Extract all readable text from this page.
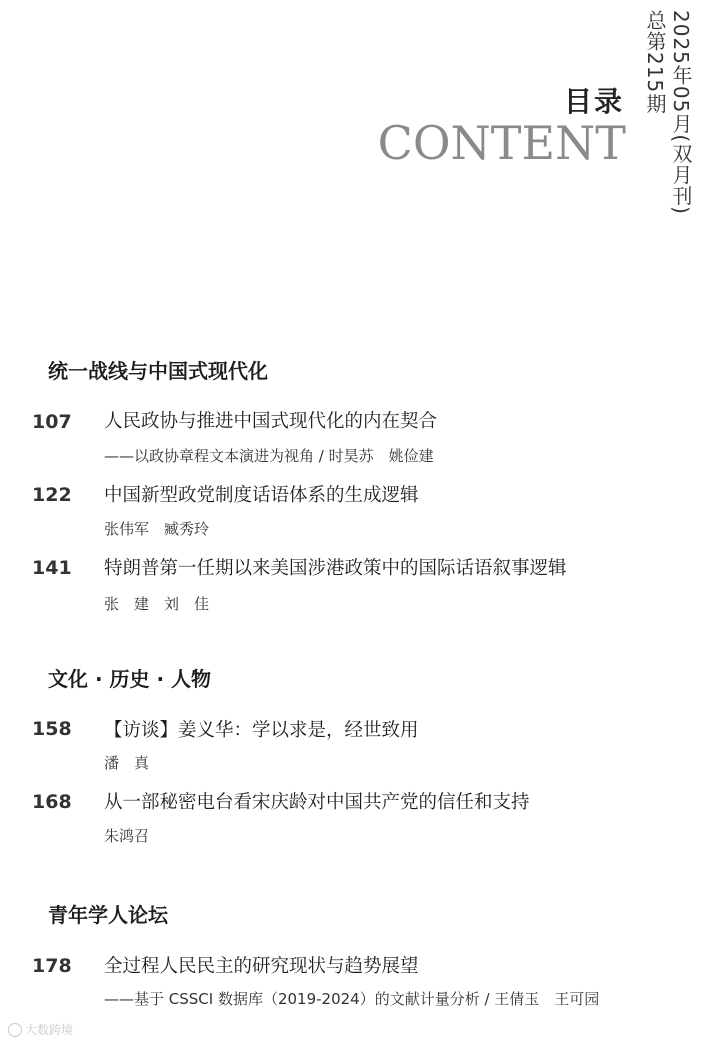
2025年05月(双月刊)
总第215期
目录
CONTENT
统一战线与中国式现代化
107 人民政协与推进中国式现代化的内在契合
——以政协章程文本演进为视角 / 时昊苏　姚俭建
122 中国新型政党制度话语体系的生成逻辑
张伟军　臧秀玲
141 特朗普第一任期以来美国涉港政策中的国际话语叙事逻辑
张　建　刘　佳
文化 · 历史 · 人物
158 【访谈】姜义华：学以求是，经世致用
潘　真
168 从一部秘密电台看宋庆龄对中国共产党的信任和支持
朱鸿召
青年学人论坛
178 全过程人民民主的研究现状与趋势展望
——基于 CSSCI 数据库（2019-2024）的文献计量分析 / 王倩玉　王可园
大数跨境
